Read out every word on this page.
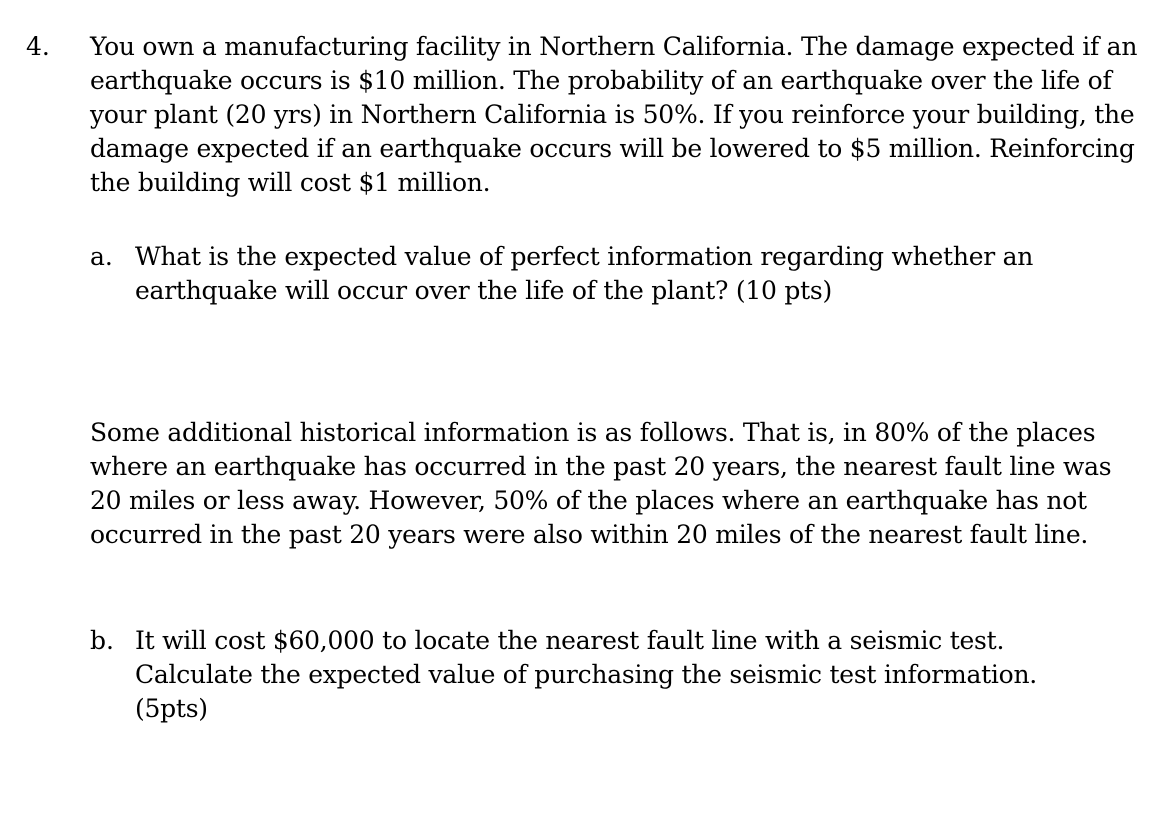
4. You own a manufacturing facility in Northern California. The damage expected if an earthquake occurs is $10 million. The probability of an earthquake over the life of your plant (20 yrs) in Northern California is 50%. If you reinforce your building, the damage expected if an earthquake occurs will be lowered to $5 million. Reinforcing the building will cost $1 million.

a. What is the expected value of perfect information regarding whether an earthquake will occur over the life of the plant? (10 pts)

Some additional historical information is as follows. That is, in 80% of the places where an earthquake has occurred in the past 20 years, the nearest fault line was 20 miles or less away. However, 50% of the places where an earthquake has not occurred in the past 20 years were also within 20 miles of the nearest fault line.

b. It will cost $60,000 to locate the nearest fault line with a seismic test. Calculate the expected value of purchasing the seismic test information.(5pts)
